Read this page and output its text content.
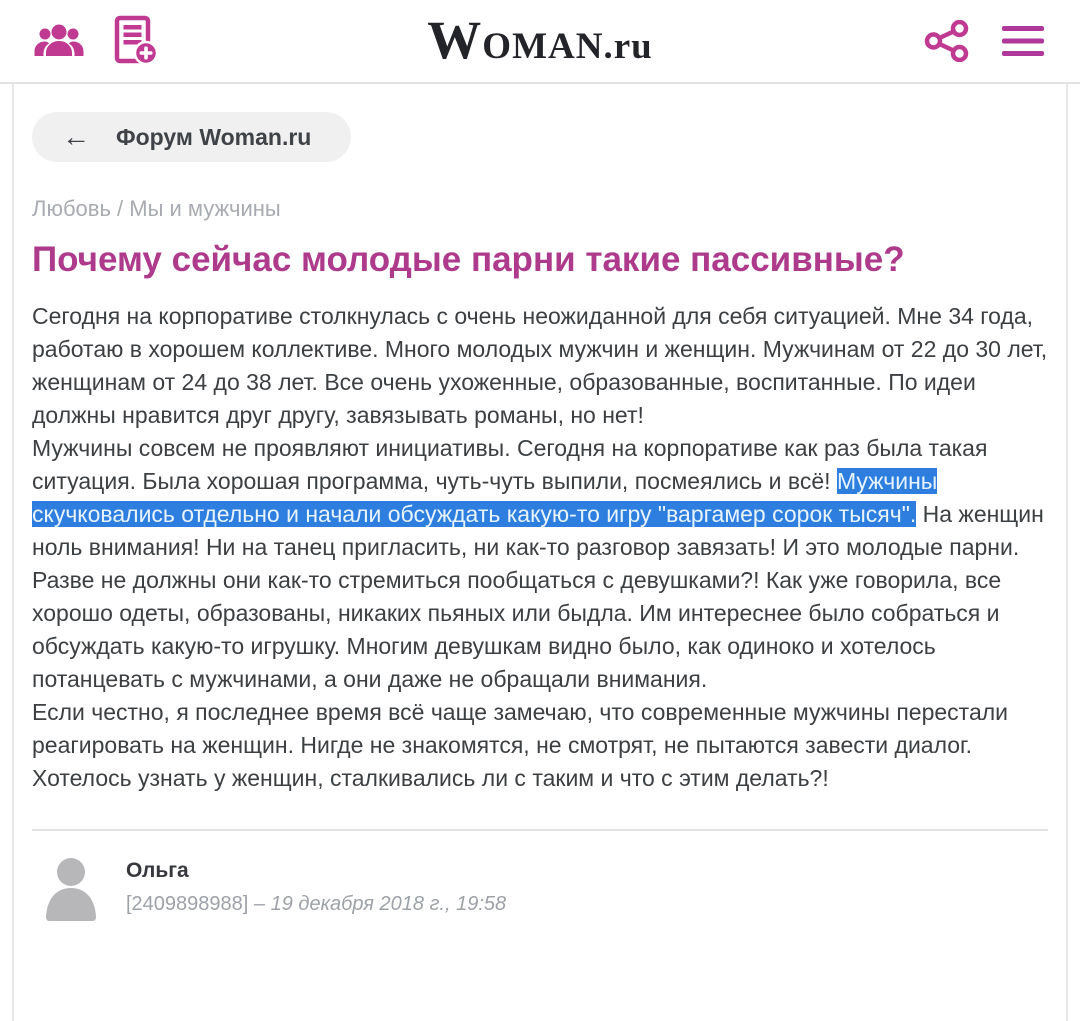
WOMAN.ru
← Форум Woman.ru
Любовь / Мы и мужчины
Почему сейчас молодые парни такие пассивные?

Сегодня на корпоративе столкнулась с очень неожиданной для себя ситуацией. Мне 34 года, работаю в хорошем коллективе. Много молодых мужчин и женщин. Мужчинам от 22 до 30 лет, женщинам от 24 до 38 лет. Все очень ухоженные, образованные, воспитанные. По идеи должны нравится друг другу, завязывать романы, но нет!

Мужчины совсем не проявляют инициативы. Сегодня на корпоративе как раз была такая ситуация. Была хорошая программа, чуть-чуть выпили, посмеялись и всё! Мужчины скучковались отдельно и начали обсуждать какую-то игру "варгамер сорок тысяч". На женщин ноль внимания! Ни на танец пригласить, ни как-то разговор завязать! И это молодые парни. Разве не должны они как-то стремиться пообщаться с девушками?! Как уже говорила, все хорошо одеты, образованы, никаких пьяных или быдла. Им интереснее было собраться и обсуждать какую-то игрушку. Многим девушкам видно было, как одиноко и хотелось потанцевать с мужчинами, а они даже не обращали внимания.

Если честно, я последнее время всё чаще замечаю, что современные мужчины перестали реагировать на женщин. Нигде не знакомятся, не смотрят, не пытаются завести диалог. Хотелось узнать у женщин, сталкивались ли с таким и что с этим делать?!

Ольга
[2409898988] – 19 декабря 2018 г., 19:58
